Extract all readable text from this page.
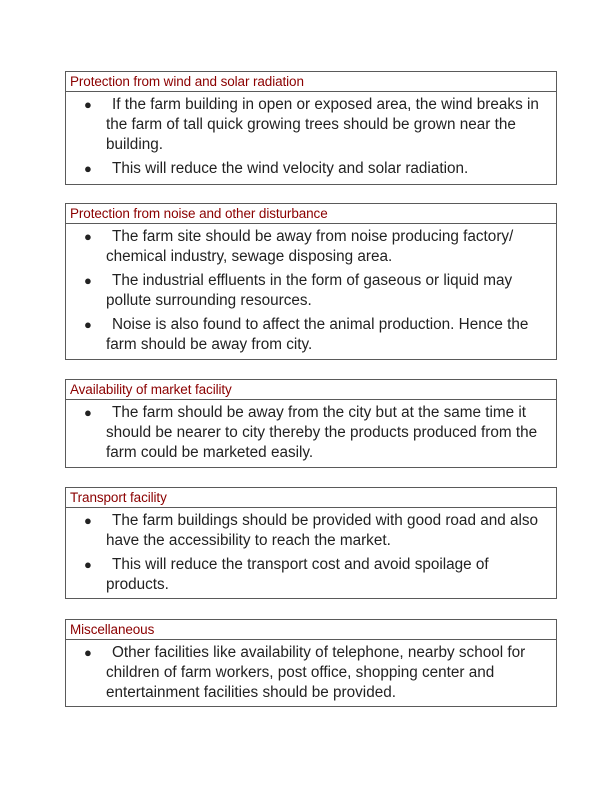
Protection from wind and solar radiation
●	If the farm building in open or exposed area, the wind breaks in the farm of tall quick growing trees should be grown near the building.
●	This will reduce the wind velocity and solar radiation.
Protection from noise and other disturbance
●	The farm site should be away from noise producing factory/ chemical industry, sewage disposing area.
●	The industrial effluents in the form of gaseous or liquid may pollute surrounding resources.
●	Noise is also found to affect the animal production. Hence the farm should be away from city.
Availability of market facility
●	The farm should be away from the city but at the same time it should be nearer to city thereby the products produced from the farm could be marketed easily.
Transport facility
●	The farm buildings should be provided with good road and also have the accessibility to reach the market.
●	This will reduce the transport cost and avoid spoilage of products.
Miscellaneous
●	Other facilities like availability of telephone, nearby school for children of farm workers, post office, shopping center and entertainment facilities should be provided.
